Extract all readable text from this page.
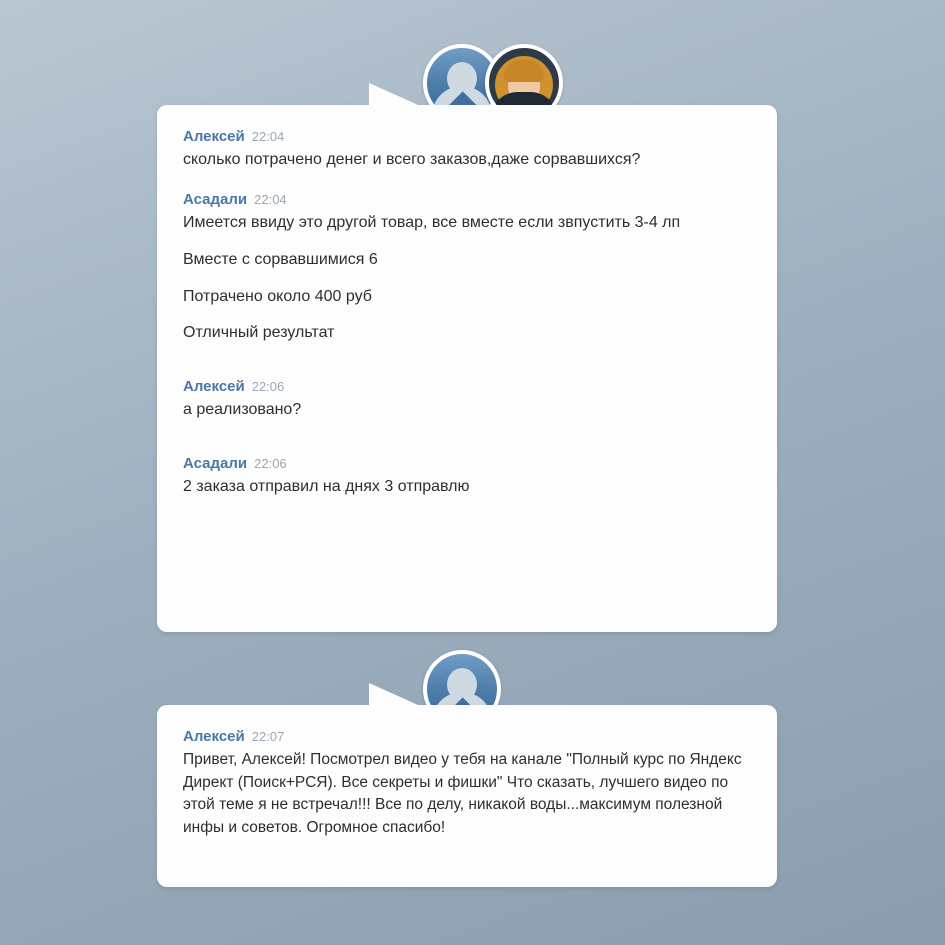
Алексей 22:04
сколько потрачено денег и всего заказов,даже сорвавшихся?
Асадали 22:04
Имеется ввиду это другой товар, все вместе если звпустить 3-4 лп
Вместе с сорвавшимися 6
Потрачено около 400 руб
Отличный результат
Алексей 22:06
а реализовано?
Асадали 22:06
2 заказа отправил на днях 3 отправлю
Алексей 22:07
Привет, Алексей! Посмотрел видео у тебя на канале "Полный курс по Яндекс Директ (Поиск+РСЯ). Все секреты и фишки" Что сказать, лучшего видео по этой теме я не встречал!!! Все по делу, никакой воды...максимум полезной инфы и советов. Огромное спасибо!
